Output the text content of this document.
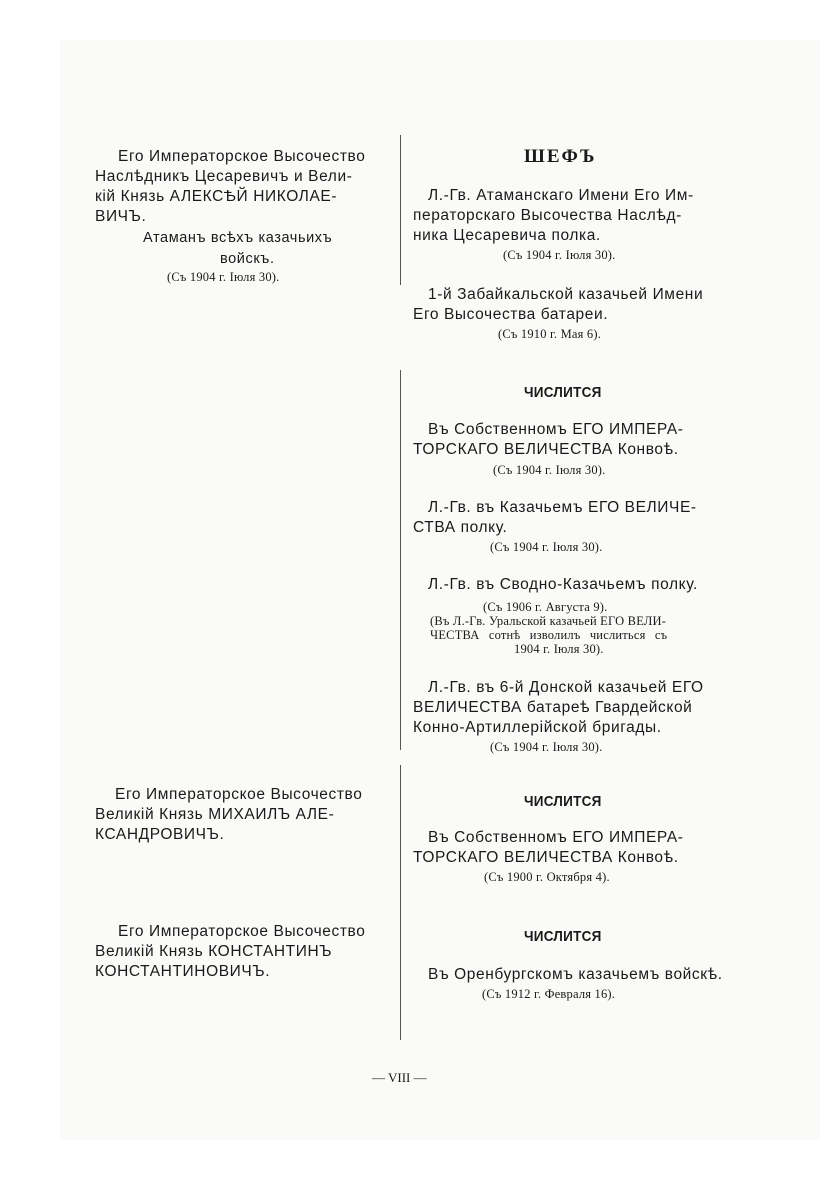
Его Императорское Высочество
Наслѣдникъ Цесаревичъ и Вели-
кій Князь АЛЕКСѢЙ НИКОЛАЕ-
ВИЧЪ.
Атаманъ всѣхъ казачьихъ
войскъ.
(Съ 1904 г. Іюля 30).
Его Императорское Высочество
Великій Князь МИХАИЛЪ АЛЕ-
КСАНДРОВИЧЪ.
Его Императорское Высочество
Великій Князь КОНСТАНТИНЪ
КОНСТАНТИНОВИЧЪ.
ШЕФЪ
Л.-Гв. Атаманскаго Имени Его Им-
ператорскаго Высочества Наслѣд-
ника Цесаревича полка.
(Съ 1904 г. Іюля 30).
1-й Забайкальской казачьей Имени
Его Высочества батареи.
(Съ 1910 г. Мая 6).
ЧИСЛИТСЯ
Въ Собственномъ ЕГО ИМПЕРА-
ТОРСКАГО ВЕЛИЧЕСТВА Конвоѣ.
(Съ 1904 г. Іюля 30).
Л.-Гв. въ Казачьемъ ЕГО ВЕЛИЧЕ-
СТВА полку.
(Съ 1904 г. Іюля 30).
Л.-Гв. въ Сводно-Казачьемъ полку.
(Съ 1906 г. Августа 9).
(Въ Л.-Гв. Уральской казачьей ЕГО ВЕЛИ-
ЧЕСТВА сотнѣ изволилъ числиться съ
1904 г. Іюля 30).
Л.-Гв. въ 6-й Донской казачьей ЕГО
ВЕЛИЧЕСТВА батареѣ Гвардейской
Конно-Артиллерійской бригады.
(Съ 1904 г. Іюля 30).
ЧИСЛИТСЯ
Въ Собственномъ ЕГО ИМПЕРА-
ТОРСКАГО ВЕЛИЧЕСТВА Конвоѣ.
(Съ 1900 г. Октября 4).
ЧИСЛИТСЯ
Въ Оренбургскомъ казачьемъ войскѣ.
(Съ 1912 г. Февраля 16).
— VIII —
